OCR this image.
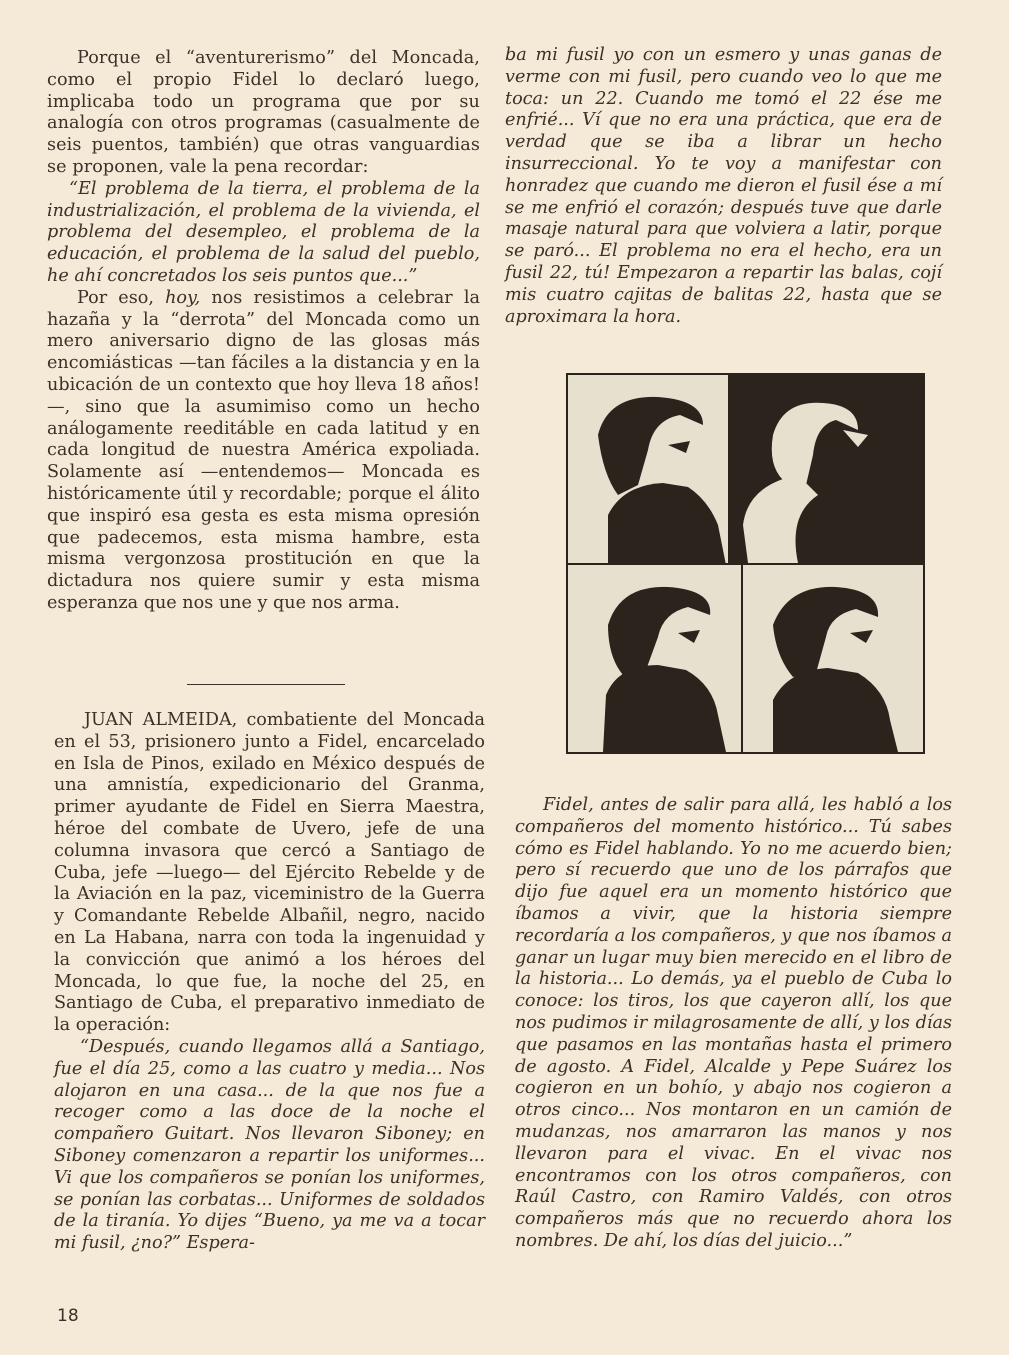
Porque el “aventurerismo” del Moncada, como el propio Fidel lo declaró luego, implicaba todo un programa que por su analogía con otros programas (casualmente de seis puentos, también) que otras vanguardias se proponen, vale la pena recordar:

“El problema de la tierra, el problema de la industrialización, el problema de la vivienda, el problema del desempleo, el problema de la educación, el problema de la salud del pueblo, he ahí concretados los seis puntos que...”

Por eso, hoy, nos resistimos a celebrar la hazaña y la “derrota” del Moncada como un mero aniversario digno de las glosas más encomiásticas —tan fáciles a la distancia y en la ubicación de un contexto que hoy lleva 18 años!—, sino que la asumimiso como un hecho análogamente reeditáble en cada latitud y en cada longitud de nuestra América expoliada. Solamente así —entendemos— Moncada es históricamente útil y recordable; porque el álito que inspiró esa gesta es esta misma opresión que padecemos, esta misma hambre, esta misma vergonzosa prostitución en que la dictadura nos quiere sumir y esta misma esperanza que nos une y que nos arma.

JUAN ALMEIDA, combatiente del Moncada en el 53, prisionero junto a Fidel, encarcelado en Isla de Pinos, exilado en México después de una amnistía, expedicionario del Granma, primer ayudante de Fidel en Sierra Maestra, héroe del combate de Uvero, jefe de una columna invasora que cercó a Santiago de Cuba, jefe —luego— del Ejército Rebelde y de la Aviación en la paz, viceministro de la Guerra y Comandante Rebelde Albañil, negro, nacido en La Habana, narra con toda la ingenuidad y la convicción que animó a los héroes del Moncada, lo que fue, la noche del 25, en Santiago de Cuba, el preparativo inmediato de la operación:

“Después, cuando llegamos allá a Santiago, fue el día 25, como a las cuatro y media... Nos alojaron en una casa... de la que nos fue a recoger como a las doce de la noche el compañero Guitart. Nos llevaron Siboney; en Siboney comenzaron a repartir los uniformes... Vi que los compañeros se ponían los uniformes, se ponían las corbatas... Uniformes de soldados de la tiranía. Yo dijes “Bueno, ya me va a tocar mi fusil, ¿no?” Espera-

ba mi fusil yo con un esmero y unas ganas de verme con mi fusil, pero cuando veo lo que me toca: un 22. Cuando me tomó el 22 ése me enfrié... Ví que no era una práctica, que era de verdad que se iba a librar un hecho insurreccional. Yo te voy a manifestar con honradez que cuando me dieron el fusil ése a mí se me enfrió el corazón; después tuve que darle masaje natural para que volviera a latir, porque se paró... El problema no era el hecho, era un fusil 22, tú! Empezaron a repartir las balas, cojí mis cuatro cajitas de balitas 22, hasta que se aproximara la hora.

Fidel, antes de salir para allá, les habló a los compañeros del momento histórico... Tú sabes cómo es Fidel hablando. Yo no me acuerdo bien; pero sí recuerdo que uno de los párrafos que dijo fue aquel era un momento histórico que íbamos a vivir, que la historia siempre recordaría a los compañeros, y que nos íbamos a ganar un lugar muy bien merecido en el libro de la historia... Lo demás, ya el pueblo de Cuba lo conoce: los tiros, los que cayeron allí, los que nos pudimos ir milagrosamente de allí, y los días que pasamos en las montañas hasta el primero de agosto. A Fidel, Alcalde y Pepe Suárez los cogieron en un bohío, y abajo nos cogieron a otros cinco... Nos montaron en un camión de mudanzas, nos amarraron las manos y nos llevaron para el vivac. En el vivac nos encontramos con los otros compañeros, con Raúl Castro, con Ramiro Valdés, con otros compañeros más que no recuerdo ahora los nombres. De ahí, los días del juicio...”

18
